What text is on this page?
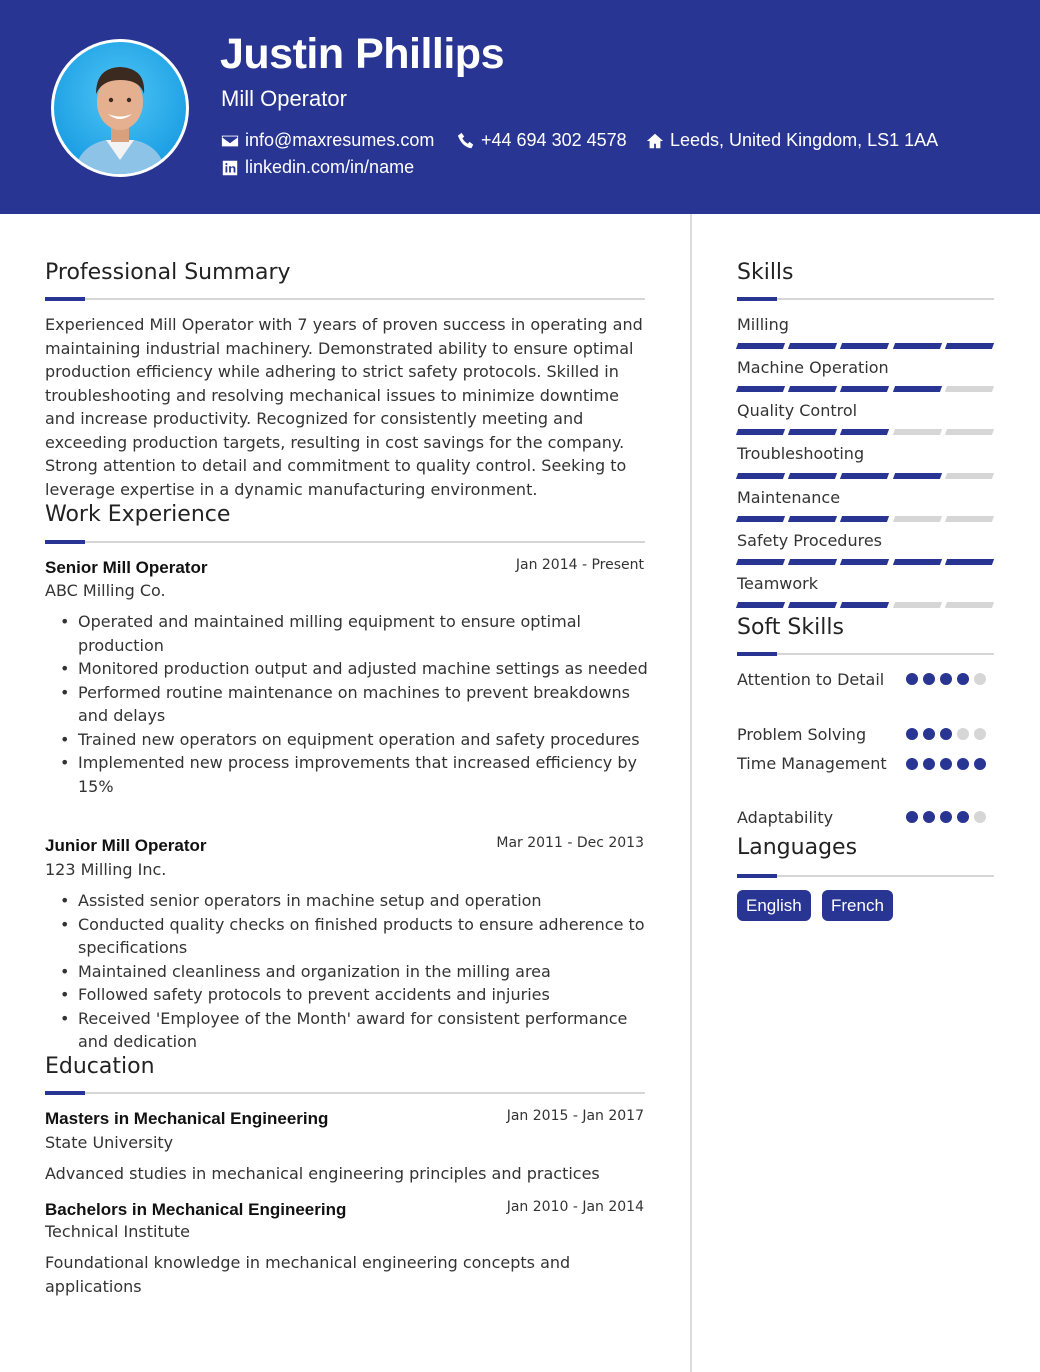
Justin Phillips
Mill Operator
info@maxresumes.com	+44 694 302 4578 Leeds, United Kingdom, LS1 1AA
linkedin.com/in/name
Professional Summary
Experienced Mill Operator with 7 years of proven success in operating and maintaining industrial machinery. Demonstrated ability to ensure optimal production efficiency while adhering to strict safety protocols. Skilled in troubleshooting and resolving mechanical issues to minimize downtime and increase productivity. Recognized for consistently meeting and exceeding production targets, resulting in cost savings for the company. Strong attention to detail and commitment to quality control. Seeking to leverage expertise in a dynamic manufacturing environment.
Work Experience
Senior Mill Operator	Jan 2014 - Present
ABC Milling Co.
• Operated and maintained milling equipment to ensure optimal production
• Monitored production output and adjusted machine settings as needed
• Performed routine maintenance on machines to prevent breakdowns and delays
• Trained new operators on equipment operation and safety procedures
• Implemented new process improvements that increased efficiency by 15%
Junior Mill Operator	Mar 2011 - Dec 2013
123 Milling Inc.
• Assisted senior operators in machine setup and operation
• Conducted quality checks on finished products to ensure adherence to specifications
• Maintained cleanliness and organization in the milling area
• Followed safety protocols to prevent accidents and injuries
• Received 'Employee of the Month' award for consistent performance and dedication
Education
Masters in Mechanical Engineering	Jan 2015 - Jan 2017
State University
Advanced studies in mechanical engineering principles and practices
Bachelors in Mechanical Engineering	Jan 2010 - Jan 2014
Technical Institute
Foundational knowledge in mechanical engineering concepts and applications
Skills
Milling
Machine Operation
Quality Control
Troubleshooting
Maintenance
Safety Procedures
Teamwork
Soft Skills
Attention to Detail
Problem Solving
Time Management
Adaptability
Languages
English	French
